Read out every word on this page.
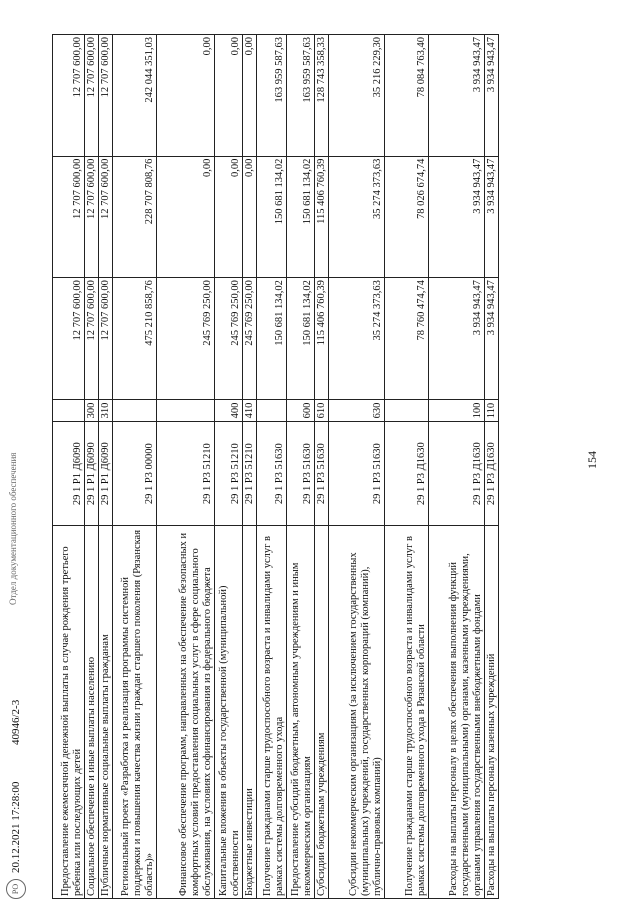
154
Предоставление ежемесячной денежной выплаты в случае рождения третьего ребенка или последующих детей	29 1 Р1 Д6090		12 707 600,00	12 707 600,00	12 707 600,00
Социальное обеспечение и иные выплаты населению	29 1 Р1 Д6090	300	12 707 600,00	12 707 600,00	12 707 600,00
Публичные нормативные социальные выплаты гражданам	29 1 Р1 Д6090	310	12 707 600,00	12 707 600,00	12 707 600,00
Региональный проект «Разработка и реализация программы системной поддержки и повышения качества жизни граждан старшего поколения (Рязанская область)»	29 1 Р3 00000		475 210 858,76	228 707 808,76	242 044 351,03
Финансовое обеспечение программ, направленных на обеспечение безопасных и комфортных условий предоставления социальных услуг в сфере социального обслуживания, на условиях софинансирования из федерального бюджета	29 1 Р3 51210		245 769 250,00	0,00	0,00
Капитальные вложения в объекты государственной (муниципальной) собственности	29 1 Р3 51210	400	245 769 250,00	0,00	0,00
Бюджетные инвестиции	29 1 Р3 51210	410	245 769 250,00	0,00	0,00
Получение гражданами старше трудоспособного возраста и инвалидами услуг в рамках системы долговременного ухода	29 1 Р3 51630		150 681 134,02	150 681 134,02	163 959 587,63
Предоставление субсидий бюджетным, автономным учреждениям и иным некоммерческим организациям	29 1 Р3 51630	600	150 681 134,02	150 681 134,02	163 959 587,63
Субсидии бюджетным учреждениям	29 1 Р3 51630	610	115 406 760,39	115 406 760,39	128 743 358,33
Субсидии некоммерческим организациям (за исключением государственных (муниципальных) учреждений, государственных корпораций (компаний), публично-правовых компаний)	29 1 Р3 51630	630	35 274 373,63	35 274 373,63	35 216 229,30
Получение гражданами старше трудоспособного возраста и инвалидами услуг в рамках системы долговременного ухода в Рязанской области	29 1 Р3 Д1630		78 760 474,74	78 026 674,74	78 084 763,40
Расходы на выплаты персоналу в целях обеспечения выполнения функций государственными (муниципальными) органами, казенными учреждениями, органами управления государственными внебюджетными фондами	29 1 Р3 Д1630	100	3 934 943,47	3 934 943,47	3 934 943,47
Расходы на выплаты персоналу казенных учреждений	29 1 Р3 Д1630	110	3 934 943,47	3 934 943,47	3 934 943,47
РО
20.12.2021 17:28:00
40946/2-3
Отдел документационного обеспечения
